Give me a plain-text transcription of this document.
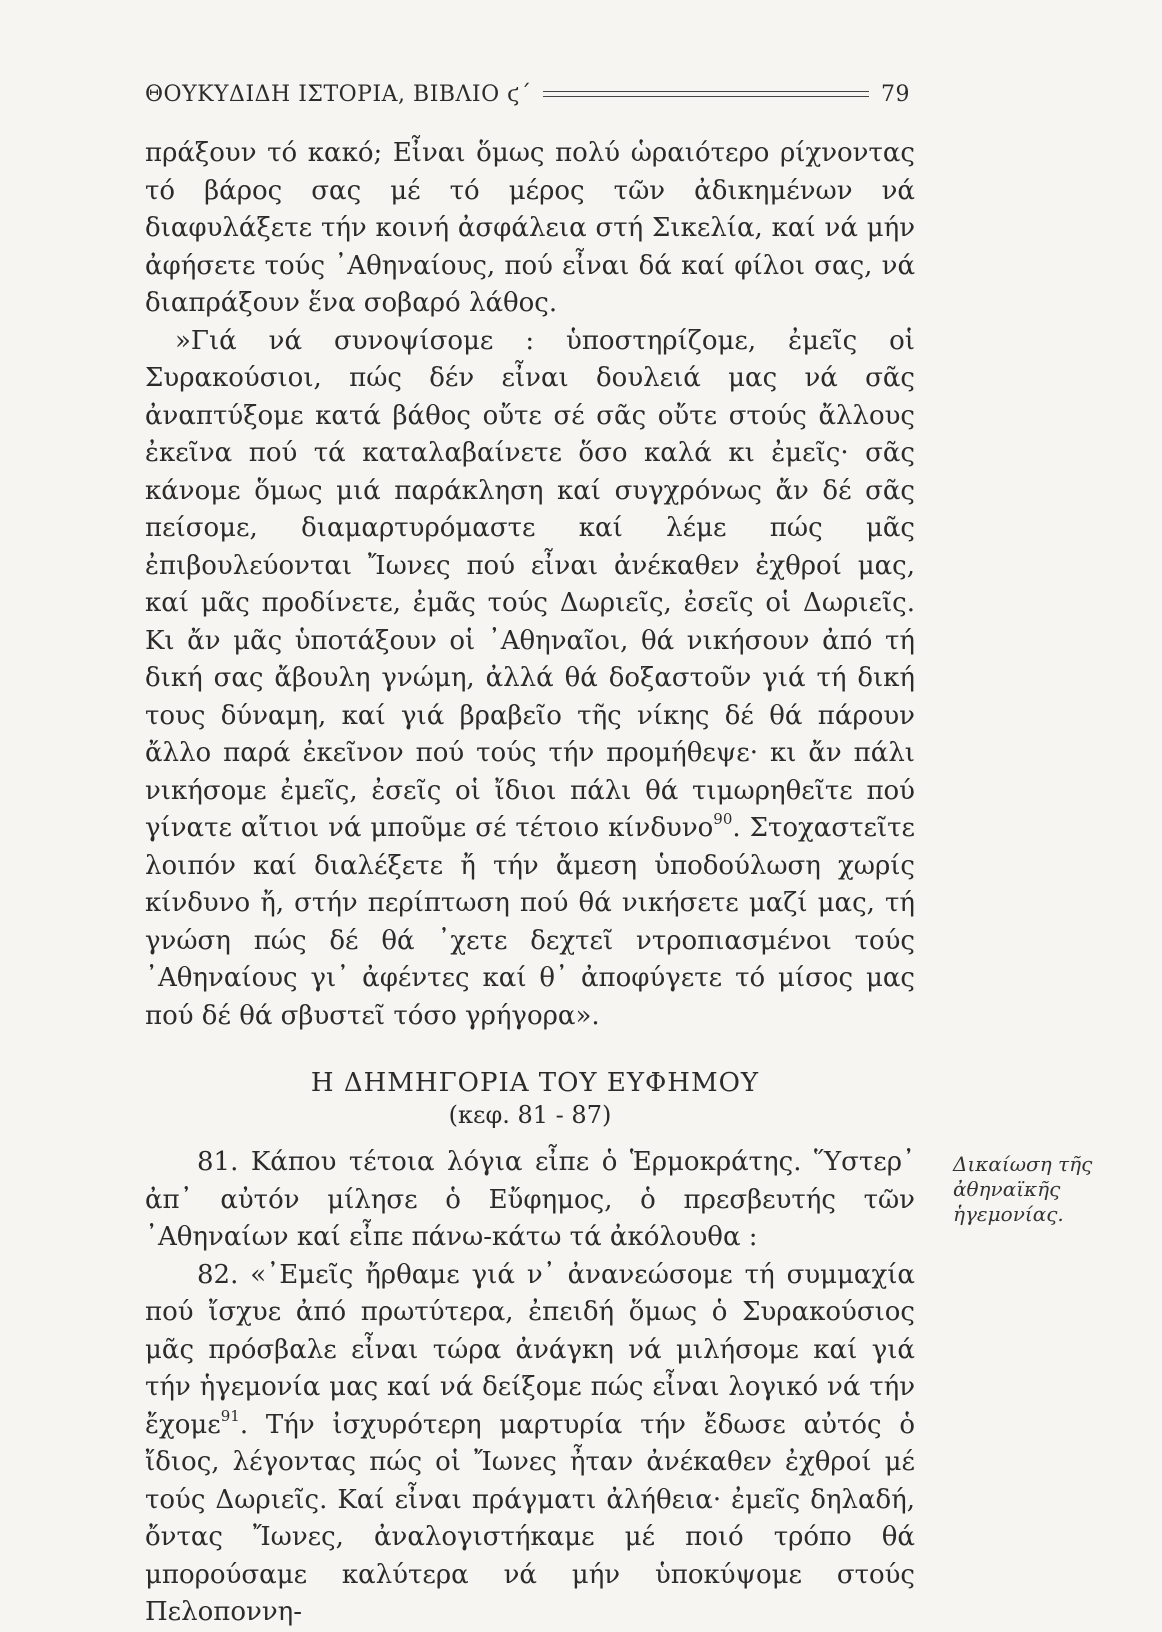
ΘΟΥΚΥΔΙΔΗ ΙΣΤΟΡΙΑ, ΒΙΒΛΙΟ ϛ΄	79

πράξουν τό κακό; Εἶναι ὅμως πολύ ὡραιότερο ρίχνοντας τό βάρος σας μέ τό μέρος τῶν ἀδικημένων νά διαφυλάξετε τήν κοινή ἀσφάλεια στή Σικελία, καί νά μήν ἀφήσετε τούς ᾿Αθηναίους, πού εἶναι δά καί φίλοι σας, νά διαπράξουν ἕνα σοβαρό λάθος.

»Γιά νά συνοψίσομε : ὑποστηρίζομε, ἐμεῖς οἱ Συρακούσιοι, πώς δέν εἶναι δουλειά μας νά σᾶς ἀναπτύξομε κατά βάθος οὔτε σέ σᾶς οὔτε στούς ἄλλους ἐκεῖνα πού τά καταλαβαίνετε ὅσο καλά κι ἐμεῖς· σᾶς κάνομε ὅμως μιά παράκληση καί συγχρόνως ἄν δέ σᾶς πείσομε, διαμαρτυρόμαστε καί λέμε πώς μᾶς ἐπιβουλεύονται Ἴωνες πού εἶναι ἀνέκαθεν ἐχθροί μας, καί μᾶς προδίνετε, ἐμᾶς τούς Δωριεῖς, ἐσεῖς οἱ Δωριεῖς. Κι ἄν μᾶς ὑποτάξουν οἱ ᾿Αθηναῖοι, θά νικήσουν ἀπό τή δική σας ἄβουλη γνώμη, ἀλλά θά δοξαστοῦν γιά τή δική τους δύναμη, καί γιά βραβεῖο τῆς νίκης δέ θά πάρουν ἄλλο παρά ἐκεῖνον πού τούς τήν προμήθεψε· κι ἄν πάλι νικήσομε ἐμεῖς, ἐσεῖς οἱ ἴδιοι πάλι θά τιμωρηθεῖτε πού γίνατε αἴτιοι νά μποῦμε σέ τέτοιο κίνδυνο$^{90}$. Στοχαστεῖτε λοιπόν καί διαλέξετε ἤ τήν ἄμεση ὑποδούλωση χωρίς κίνδυνο ἤ, στήν περίπτωση πού θά νικήσετε μαζί μας, τή γνώση πώς δέ θά ᾿χετε δεχτεῖ ντροπιασμένοι τούς ᾿Αθηναίους γι᾿ ἀφέντες καί θ᾿ ἀποφύγετε τό μίσος μας πού δέ θά σβυστεῖ τόσο γρήγορα».

Η ΔΗΜΗΓΟΡΙΑ ΤΟΥ ΕΥΦΗΜΟΥ
(κεφ. 81 - 87)

81. Κάπου τέτοια λόγια εἶπε ὁ Ἑρμοκράτης. Ὕστερ᾿ ἀπ᾿ αὐτόν μίλησε ὁ Εὔφημος, ὁ πρεσβευτής τῶν ᾿Αθηναίων καί εἶπε πάνω-κάτω τά ἀκόλουθα :

82. «᾿Εμεῖς ἤρθαμε γιά ν᾿ ἀνανεώσομε τή συμμαχία πού ἴσχυε ἀπό πρωτύτερα, ἐπειδή ὅμως ὁ Συρακούσιος μᾶς πρόσβαλε εἶναι τώρα ἀνάγκη νά μιλήσομε καί γιά τήν ἡγεμονία μας καί νά δείξομε πώς εἶναι λογικό νά τήν ἔχομε$^{91}$. Τήν ἰσχυρότερη μαρτυρία τήν ἔδωσε αὐτός ὁ ἴδιος, λέγοντας πώς οἱ Ἴωνες ἦταν ἀνέκαθεν ἐχθροί μέ τούς Δωριεῖς. Καί εἶναι πράγματι ἀλήθεια· ἐμεῖς δηλαδή, ὄντας Ἴωνες, ἀναλογιστήκαμε μέ ποιό τρόπο θά μπορούσαμε καλύτερα νά μήν ὑποκύψομε στούς Πελοποννη-

Δικαίωση τῆς ἀθηναϊκῆς ἡγεμονίας.
